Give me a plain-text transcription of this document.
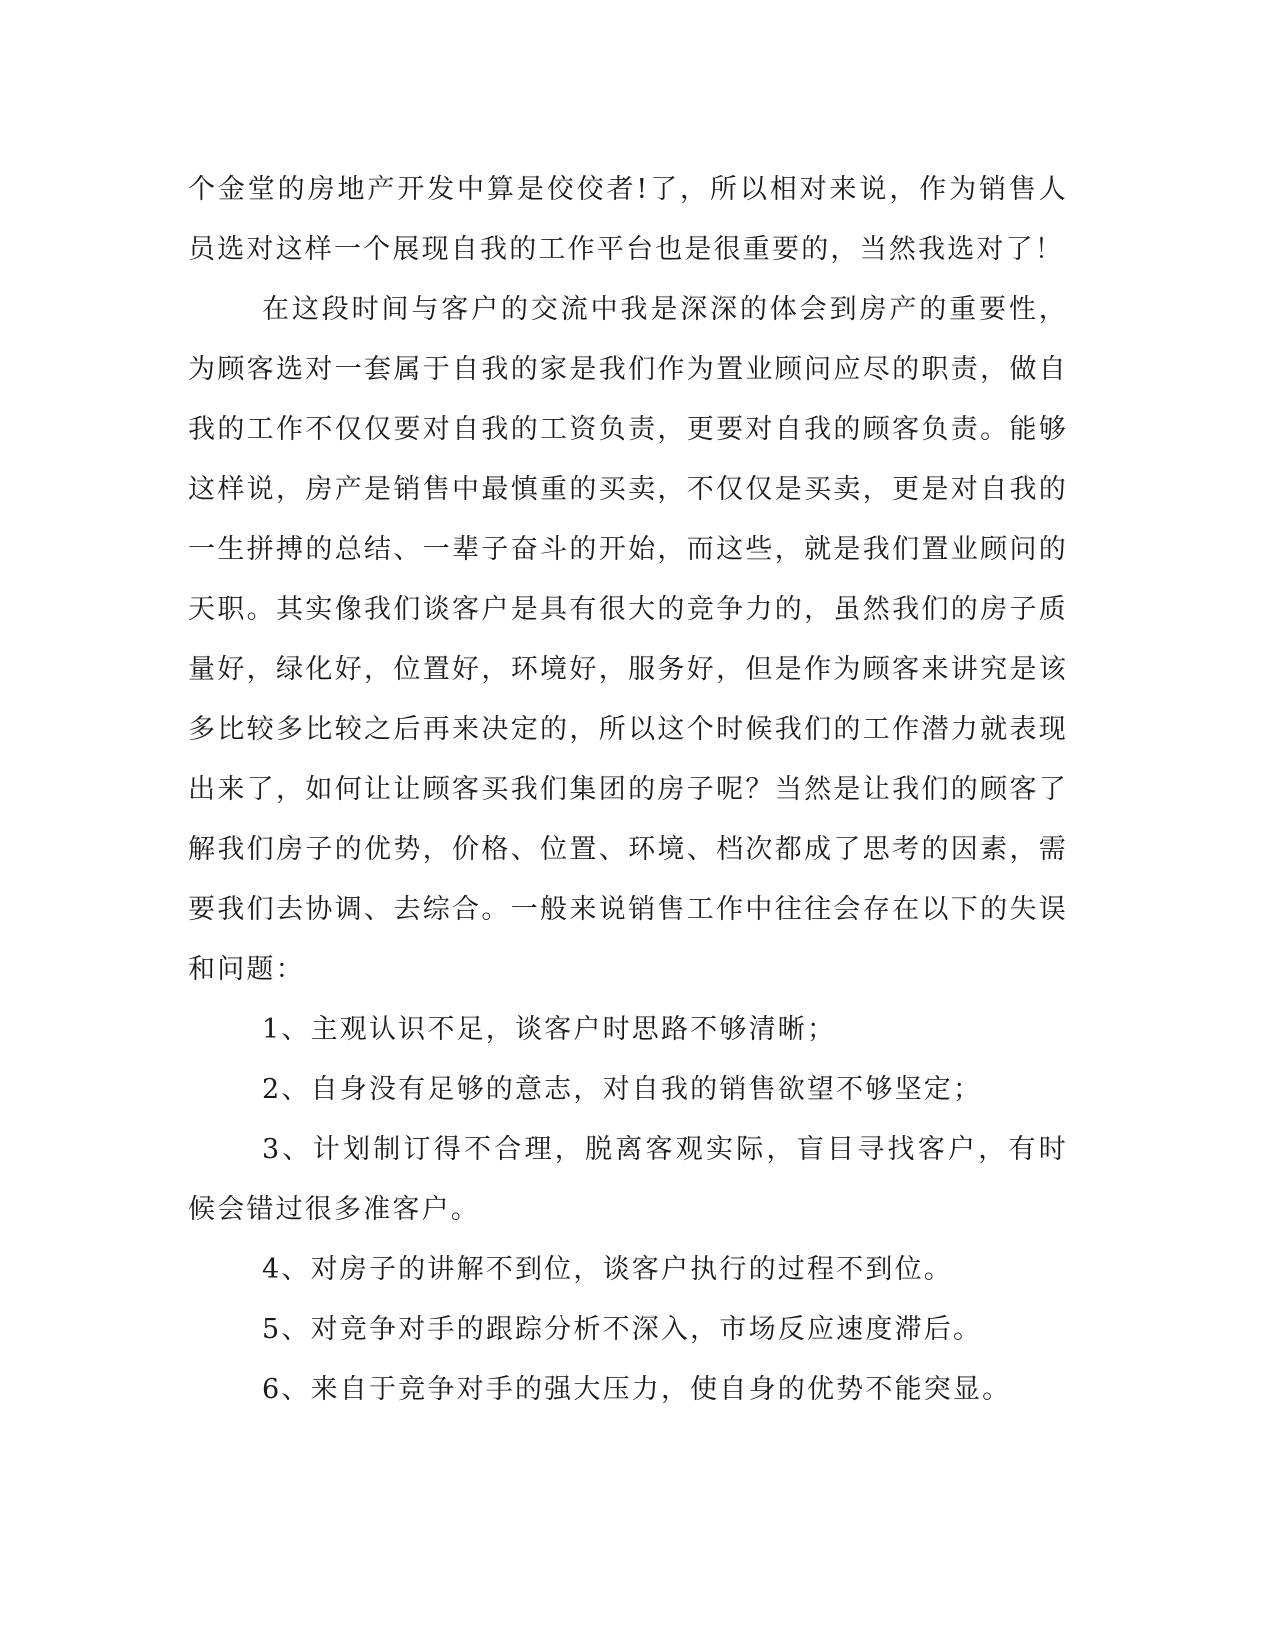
个金堂的房地产开发中算是佼佼者!了，所以相对来说，作为销售人员选对这样一个展现自我的工作平台也是很重要的，当然我选对了！

在这段时间与客户的交流中我是深深的体会到房产的重要性，为顾客选对一套属于自我的家是我们作为置业顾问应尽的职责，做自我的工作不仅仅要对自我的工资负责，更要对自我的顾客负责。能够这样说，房产是销售中最慎重的买卖，不仅仅是买卖，更是对自我的一生拼搏的总结、一辈子奋斗的开始，而这些，就是我们置业顾问的天职。其实像我们谈客户是具有很大的竞争力的，虽然我们的房子质量好，绿化好，位置好，环境好，服务好，但是作为顾客来讲究是该多比较多比较之后再来决定的，所以这个时候我们的工作潜力就表现出来了，如何让让顾客买我们集团的房子呢？当然是让我们的顾客了解我们房子的优势，价格、位置、环境、档次都成了思考的因素，需要我们去协调、去综合。一般来说销售工作中往往会存在以下的失误和问题：

1、主观认识不足，谈客户时思路不够清晰；

2、自身没有足够的意志，对自我的销售欲望不够坚定；

3、计划制订得不合理，脱离客观实际，盲目寻找客户，有时候会错过很多准客户。

4、对房子的讲解不到位，谈客户执行的过程不到位。

5、对竞争对手的跟踪分析不深入，市场反应速度滞后。

6、来自于竞争对手的强大压力，使自身的优势不能突显。
